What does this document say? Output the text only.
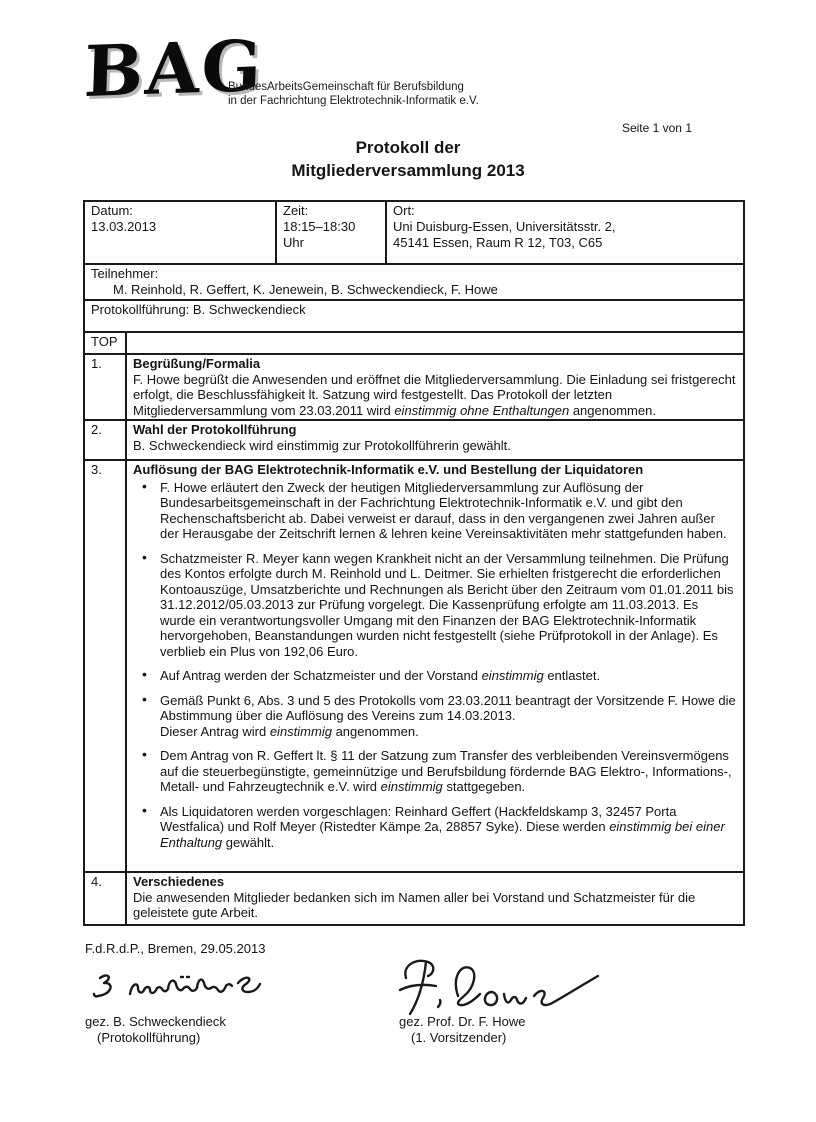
BAG
BundesArbeitsGemeinschaft für Berufsbildung
in der Fachrichtung Elektrotechnik-Informatik e.V.
Seite 1 von 1
Protokoll der
Mitgliederversammlung 2013
Datum:
13.03.2013

Zeit:
18:15–18:30 Uhr

Ort:
Uni Duisburg-Essen, Universitätsstr. 2,
45141 Essen, Raum R 12, T03, C65

Teilnehmer:
M. Reinhold, R. Geffert, K. Jenewein, B. Schweckendieck, F. Howe

Protokollführung: B. Schweckendieck
TOP	
1.	Begrüßung/Formalia
F. Howe begrüßt die Anwesenden und eröffnet die Mitgliederversammlung. Die Einladung sei fristgerecht erfolgt, die Beschlussfähigkeit lt. Satzung wird festgestellt. Das Protokoll der letzten Mitgliederversammlung vom 23.03.2011 wird einstimmig ohne Enthaltungen angenommen.

2.	Wahl der Protokollführung
B. Schweckendieck wird einstimmig zur Protokollführerin gewählt.

3.	Auflösung der BAG Elektrotechnik-Informatik e.V. und Bestellung der Liquidatoren
• F. Howe erläutert den Zweck der heutigen Mitgliederversammlung zur Auflösung der Bundesarbeitsgemeinschaft in der Fachrichtung Elektrotechnik-Informatik e.V. und gibt den Rechenschaftsbericht ab. Dabei verweist er darauf, dass in den vergangenen zwei Jahren außer der Herausgabe der Zeitschrift lernen & lehren keine Vereinsaktivitäten mehr stattgefunden haben.
• Schatzmeister R. Meyer kann wegen Krankheit nicht an der Versammlung teilnehmen. Die Prüfung des Kontos erfolgte durch M. Reinhold und L. Deitmer. Sie erhielten fristgerecht die erforderlichen Kontoauszüge, Umsatzberichte und Rechnungen als Bericht über den Zeitraum vom 01.01.2011 bis 31.12.2012/05.03.2013 zur Prüfung vorgelegt. Die Kassenprüfung erfolgte am 11.03.2013. Es wurde ein verantwortungsvoller Umgang mit den Finanzen der BAG Elektrotechnik-Informatik hervorgehoben, Beanstandungen wurden nicht festgestellt (siehe Prüfprotokoll in der Anlage). Es verblieb ein Plus von 192,06 Euro.
• Auf Antrag werden der Schatzmeister und der Vorstand einstimmig entlastet.
• Gemäß Punkt 6, Abs. 3 und 5 des Protokolls vom 23.03.2011 beantragt der Vorsitzende F. Howe die Abstimmung über die Auflösung des Vereins zum 14.03.2013.
Dieser Antrag wird einstimmig angenommen.
• Dem Antrag von R. Geffert lt. § 11 der Satzung zum Transfer des verbleibenden Vereinsvermögens auf die steuerbegünstigte, gemeinnützige und Berufsbildung fördernde BAG Elektro-, Informations-, Metall- und Fahrzeugtechnik e.V. wird einstimmig stattgegeben.
• Als Liquidatoren werden vorgeschlagen: Reinhard Geffert (Hackfeldskamp 3, 32457 Porta Westfalica) und Rolf Meyer (Ristedter Kämpe 2a, 28857 Syke). Diese werden einstimmig bei einer Enthaltung gewählt.

4.	Verschiedenes
Die anwesenden Mitglieder bedanken sich im Namen aller bei Vorstand und Schatzmeister für die geleistete gute Arbeit.
F.d.R.d.P., Bremen, 29.05.2013
gez. B. Schweckendieck
(Protokollführung)
gez. Prof. Dr. F. Howe
(1. Vorsitzender)
